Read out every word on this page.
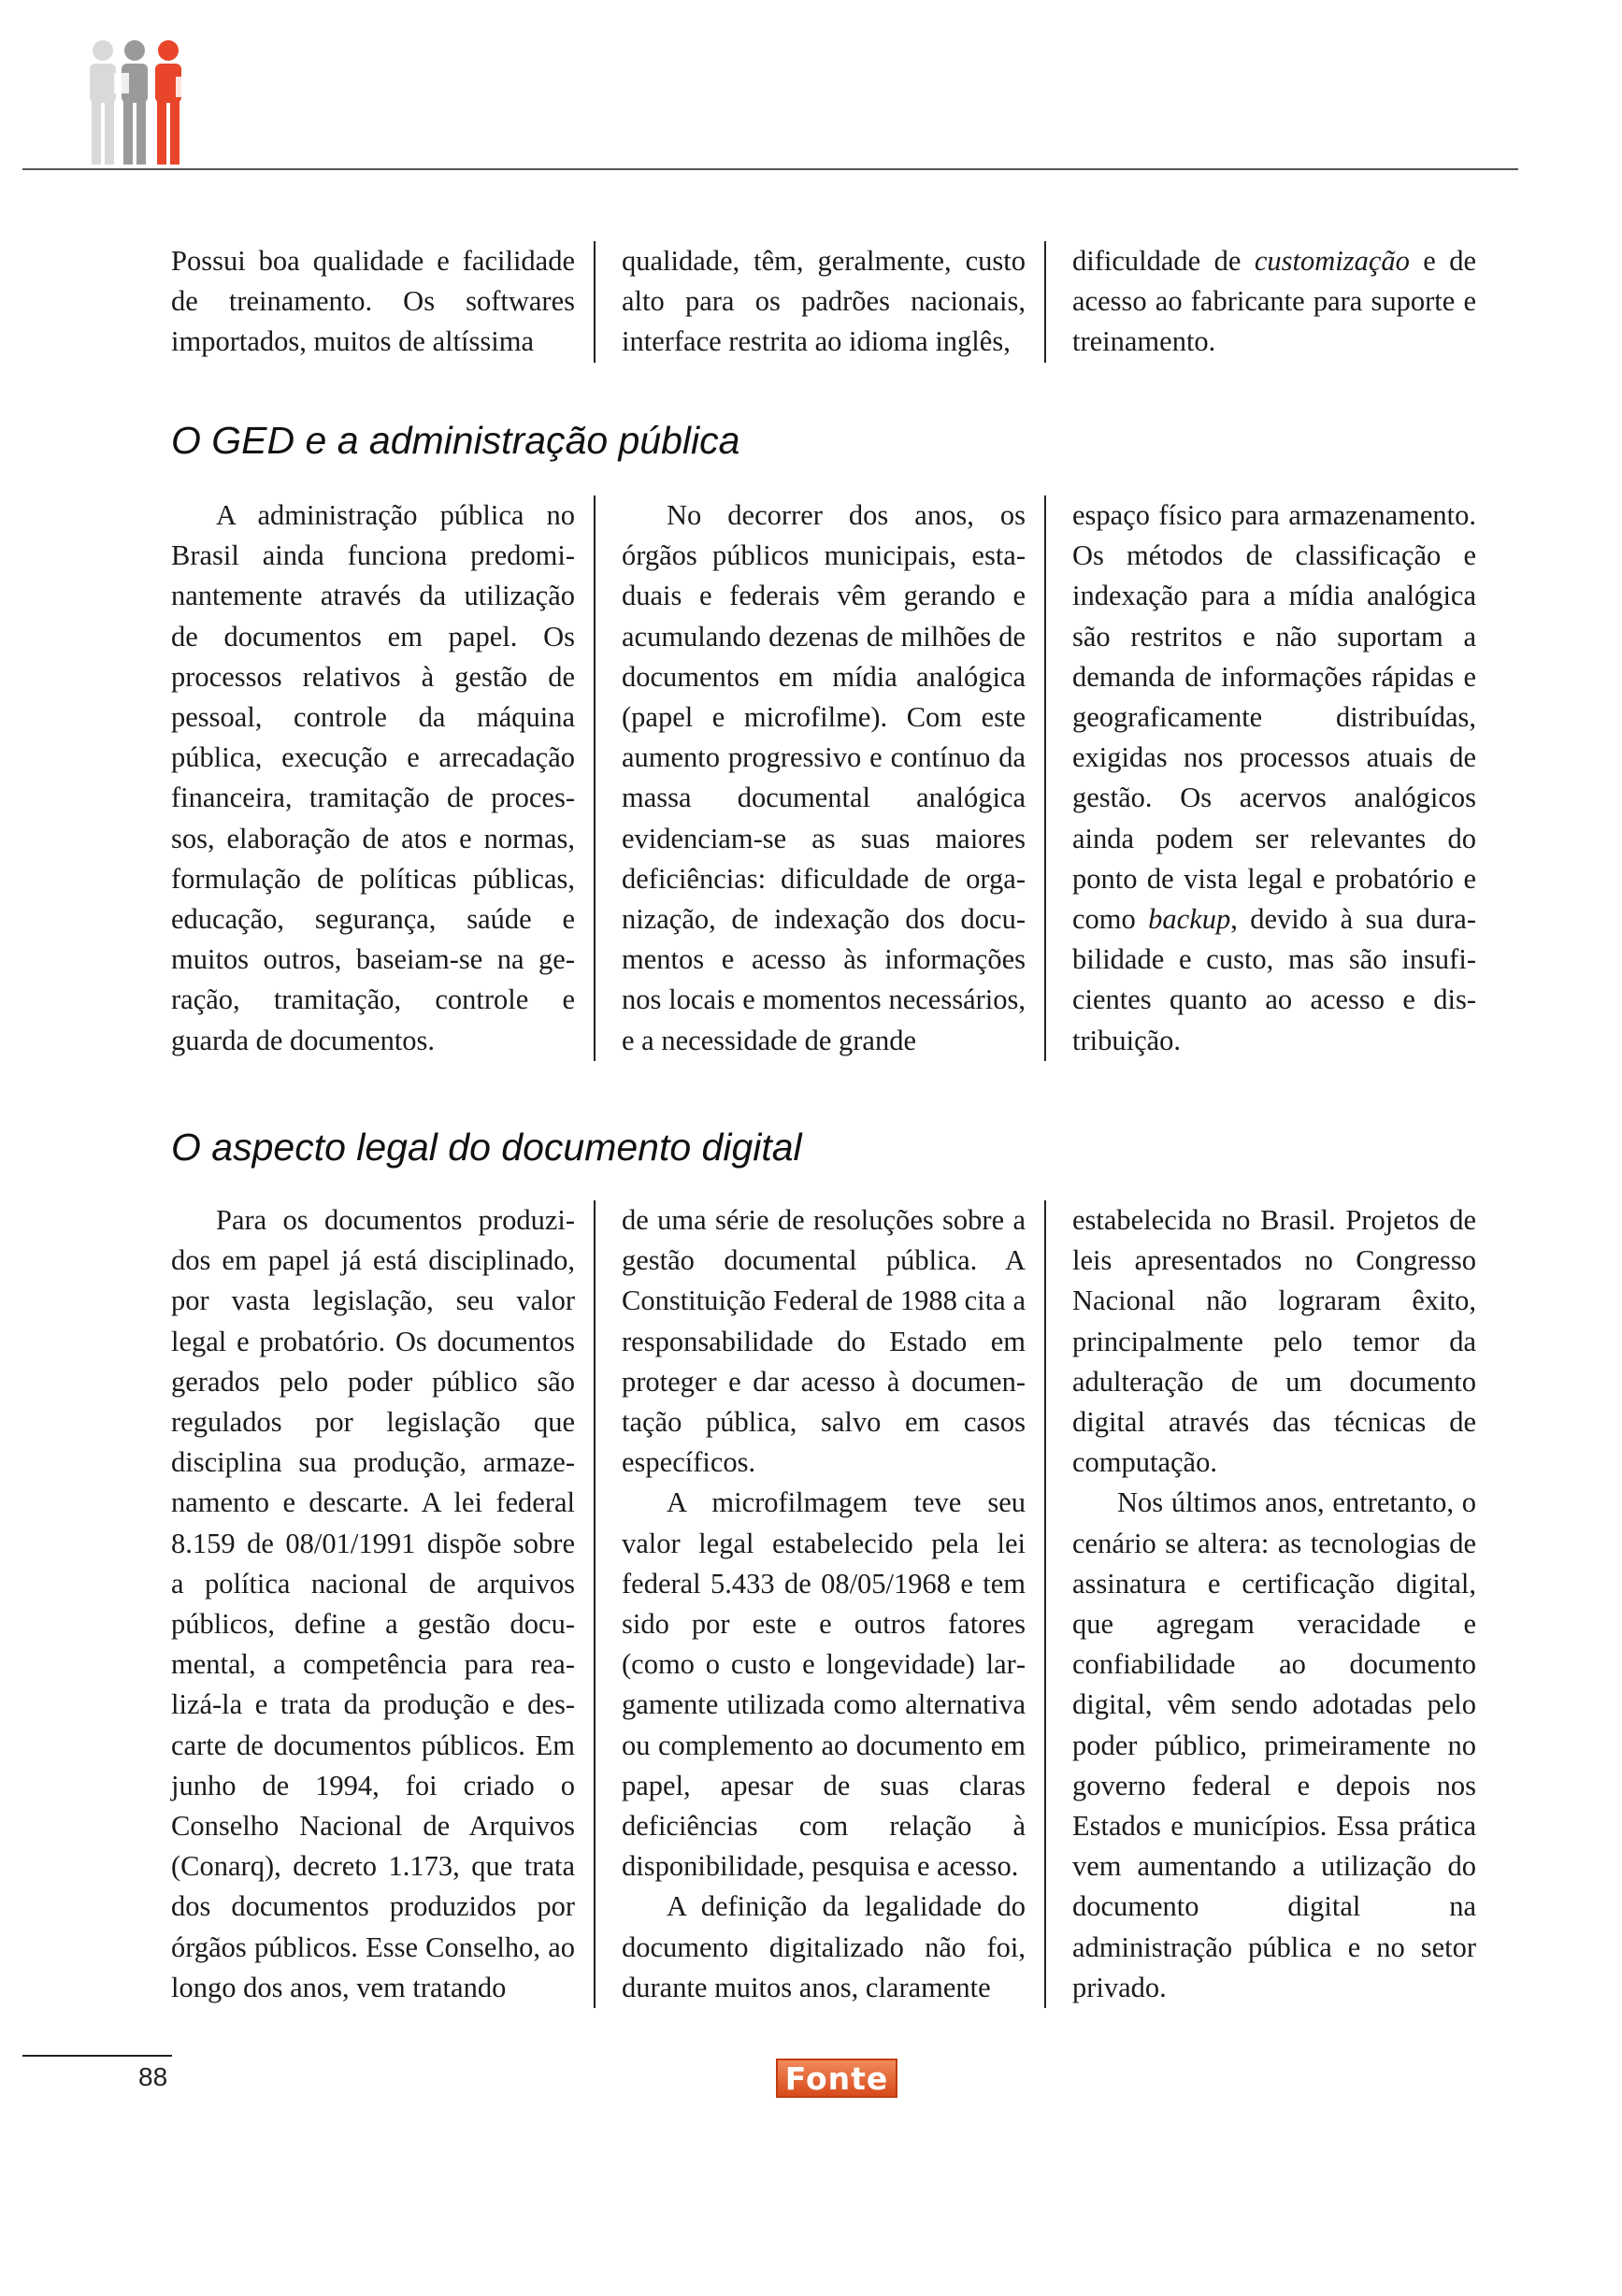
Possui boa qualidade e facilidade de treinamento. Os softwares importados, muitos de altíssima

qualidade, têm, geralmente, custo alto para os padrões nacionais, interface restrita ao idioma inglês,

dificuldade de customização e de acesso ao fabricante para suporte e treinamento.

O GED e a administração pública

A administração pública no Brasil ainda funciona predominantemente através da utilização de documentos em papel. Os processos relativos à gestão de pessoal, controle da máquina pública, execução e arrecadação financeira, tramitação de processos, elaboração de atos e normas, formulação de políticas públicas, educação, segurança, saúde e muitos outros, baseiam-se na geração, tramitação, controle e guarda de documentos.

No decorrer dos anos, os órgãos públicos municipais, estaduais e federais vêm gerando e acumulando dezenas de milhões de documentos em mídia analógica (papel e microfilme). Com este aumento progressivo e contínuo da massa documental analógica evidenciam-se as suas maiores deficiências: dificuldade de organização, de indexação dos documentos e acesso às informações nos locais e momentos necessários, e a necessidade de grande

espaço físico para armazenamento. Os métodos de classificação e indexação para a mídia analógica são restritos e não suportam a demanda de informações rápidas e geograficamente distribuídas, exigidas nos processos atuais de gestão. Os acervos analógicos ainda podem ser relevantes do ponto de vista legal e probatório e como backup, devido à sua durabilidade e custo, mas são insuficientes quanto ao acesso e distribuição.

O aspecto legal do documento digital

Para os documentos produzidos em papel já está disciplinado, por vasta legislação, seu valor legal e probatório. Os documentos gerados pelo poder público são regulados por legislação que disciplina sua produção, armazenamento e descarte. A lei federal 8.159 de 08/01/1991 dispõe sobre a política nacional de arquivos públicos, define a gestão documental, a competência para realizá-la e trata da produção e descarte de documentos públicos. Em junho de 1994, foi criado o Conselho Nacional de Arquivos (Conarq), decreto 1.173, que trata dos documentos produzidos por órgãos públicos. Esse Conselho, ao longo dos anos, vem tratando

de uma série de resoluções sobre a gestão documental pública. A Constituição Federal de 1988 cita a responsabilidade do Estado em proteger e dar acesso à documentação pública, salvo em casos específicos.

A microfilmagem teve seu valor legal estabelecido pela lei federal 5.433 de 08/05/1968 e tem sido por este e outros fatores (como o custo e longevidade) largamente utilizada como alternativa ou complemento ao documento em papel, apesar de suas claras deficiências com relação à disponibilidade, pesquisa e acesso.

A definição da legalidade do documento digitalizado não foi, durante muitos anos, claramente

estabelecida no Brasil. Projetos de leis apresentados no Congresso Nacional não lograram êxito, principalmente pelo temor da adulteração de um documento digital através das técnicas de computação.

Nos últimos anos, entretanto, o cenário se altera: as tecnologias de assinatura e certificação digital, que agregam veracidade e confiabilidade ao documento digital, vêm sendo adotadas pelo poder público, primeiramente no governo federal e depois nos Estados e municípios. Essa prática vem aumentando a utilização do documento digital na administração pública e no setor privado.

88	Fonte
